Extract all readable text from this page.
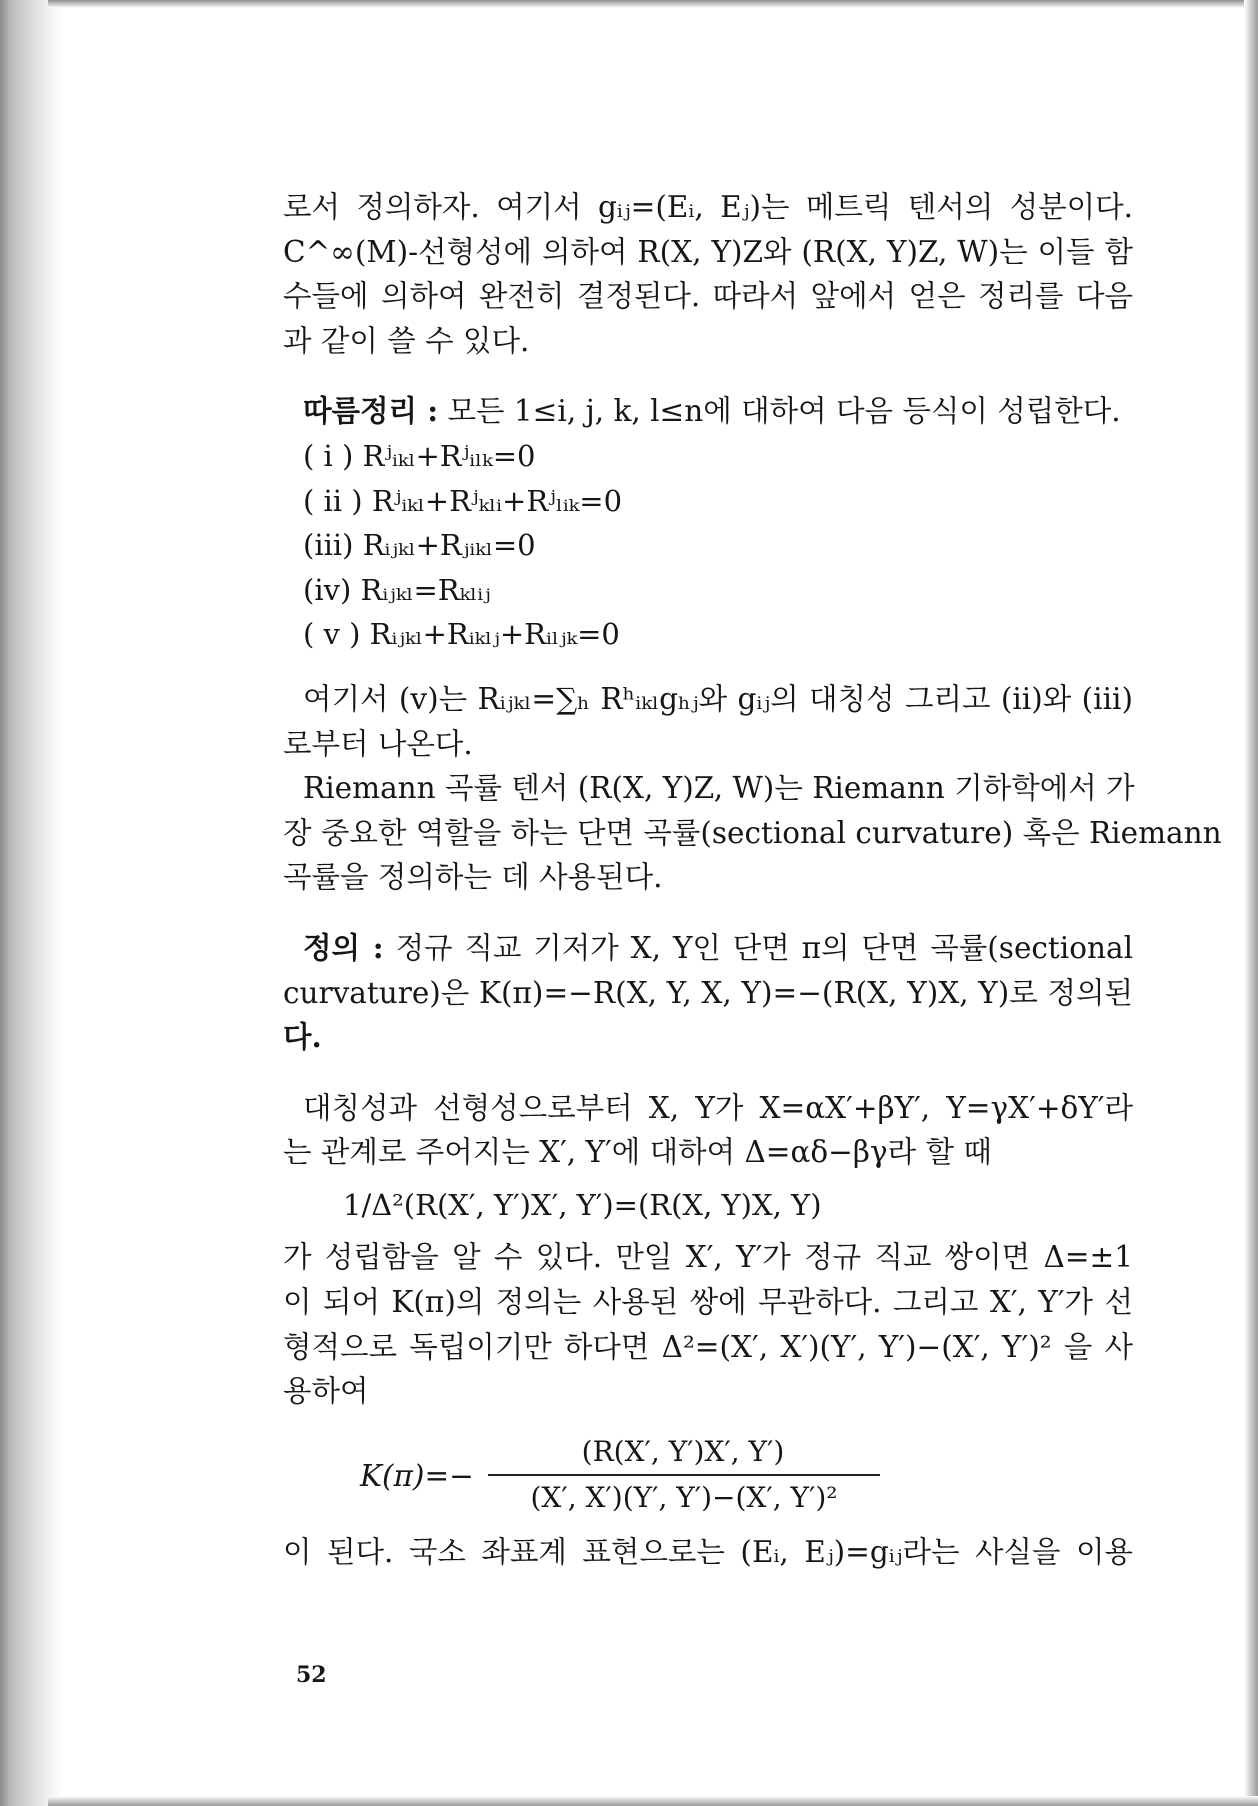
로서 정의하자. 여기서 gᵢⱼ=(Eᵢ, Eⱼ)는 메트릭 텐서의 성분이다.
C^∞(M)-선형성에 의하여 R(X, Y)Z와 (R(X, Y)Z, W)는 이들 함
수들에 의하여 완전히 결정된다. 따라서 앞에서 얻은 정리를 다음
과 같이 쓸 수 있다.
따름정리 : 모든 1≤i, j, k, l≤n에 대하여 다음 등식이 성립한다.
( i ) Rʲᵢₖₗ+Rʲᵢₗₖ=0
( ii ) Rʲᵢₖₗ+Rʲₖₗᵢ+Rʲₗᵢₖ=0
(iii) Rᵢⱼₖₗ+Rⱼᵢₖₗ=0
(iv) Rᵢⱼₖₗ=Rₖₗᵢⱼ
( v ) Rᵢⱼₖₗ+Rᵢₖₗⱼ+Rᵢₗⱼₖ=0
여기서 (v)는 Rᵢⱼₖₗ=∑ₕ Rʰᵢₖₗgₕⱼ와 gᵢⱼ의 대칭성 그리고 (ii)와 (iii)
로부터 나온다.
Riemann 곡률 텐서 (R(X, Y)Z, W)는 Riemann 기하학에서 가
장 중요한 역할을 하는 단면 곡률(sectional curvature) 혹은 Riemann
곡률을 정의하는 데 사용된다.
정의 : 정규 직교 기저가 X, Y인 단면 π의 단면 곡률(sectional
curvature)은 K(π)=−R(X, Y, X, Y)=−(R(X, Y)X, Y)로 정의된
다.
대칭성과 선형성으로부터 X, Y가 X=αX′+βY′, Y=γX′+δY′라
는 관계로 주어지는 X′, Y′에 대하여 Δ=αδ−βγ라 할 때
1/Δ²(R(X′, Y′)X′, Y′)=(R(X, Y)X, Y)
가 성립함을 알 수 있다. 만일 X′, Y′가 정규 직교 쌍이면 Δ=±1
이 되어 K(π)의 정의는 사용된 쌍에 무관하다. 그리고 X′, Y′가 선
형적으로 독립이기만 하다면 Δ²=(X′, X′)(Y′, Y′)−(X′, Y′)² 을 사
용하여
K(π)=−
(R(X′, Y′)X′, Y′)
(X′, X′)(Y′, Y′)−(X′, Y′)²
이 된다. 국소 좌표계 표현으로는 (Eᵢ, Eⱼ)=gᵢⱼ라는 사실을 이용
52
